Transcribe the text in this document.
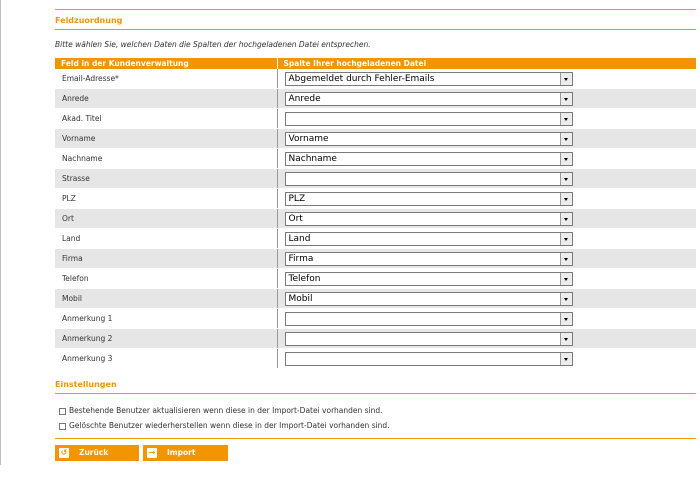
Feldzuordnung
Bitte wählen Sie, welchen Daten die Spalten der hochgeladenen Datei entsprechen.
Feld in der Kundenverwaltung	Spalte Ihrer hochgeladenen Datei
Email-Adresse*	Abgemeldet durch Fehler-Emails

Anrede	Anrede

Akad. Titel	

Vorname	Vorname

Nachname	Nachname

Strasse	

PLZ	PLZ

Ort	Ort

Land	Land

Firma	Firma

Telefon	Telefon

Mobil	Mobil

Anmerkung 1	

Anmerkung 2	

Anmerkung 3	
Einstellungen
Bestehende Benutzer aktualisieren wenn diese in der Import-Datei vorhanden sind.
Gelöschte Benutzer wiederherstellen wenn diese in der Import-Datei vorhanden sind.
↺ Zurück	→ Import starten
